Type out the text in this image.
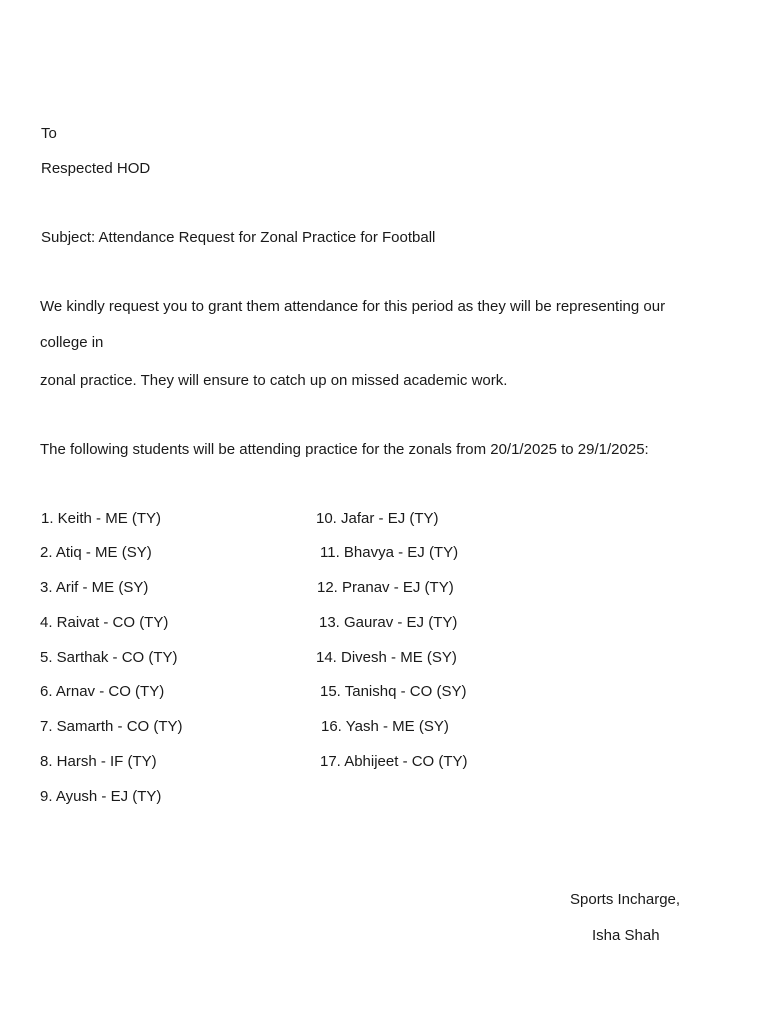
To
Respected HOD
Subject: Attendance Request for Zonal Practice for Football
We kindly request you to grant them attendance for this period as they will be representing our
college in
zonal practice. They will ensure to catch up on missed academic work.
The following students will be attending practice for the zonals from 20/1/2025 to 29/1/2025:
1. Keith - ME (TY)
2. Atiq - ME (SY)
3. Arif - ME (SY)
4. Raivat - CO (TY)
5. Sarthak - CO (TY)
6. Arnav - CO (TY)
7. Samarth - CO (TY)
8. Harsh - IF (TY)
9. Ayush - EJ (TY)
10. Jafar - EJ (TY)
11. Bhavya - EJ (TY)
12. Pranav - EJ (TY)
13. Gaurav - EJ (TY)
14. Divesh - ME (SY)
15. Tanishq - CO (SY)
16. Yash - ME (SY)
17. Abhijeet - CO (TY)
Sports Incharge,
Isha Shah
